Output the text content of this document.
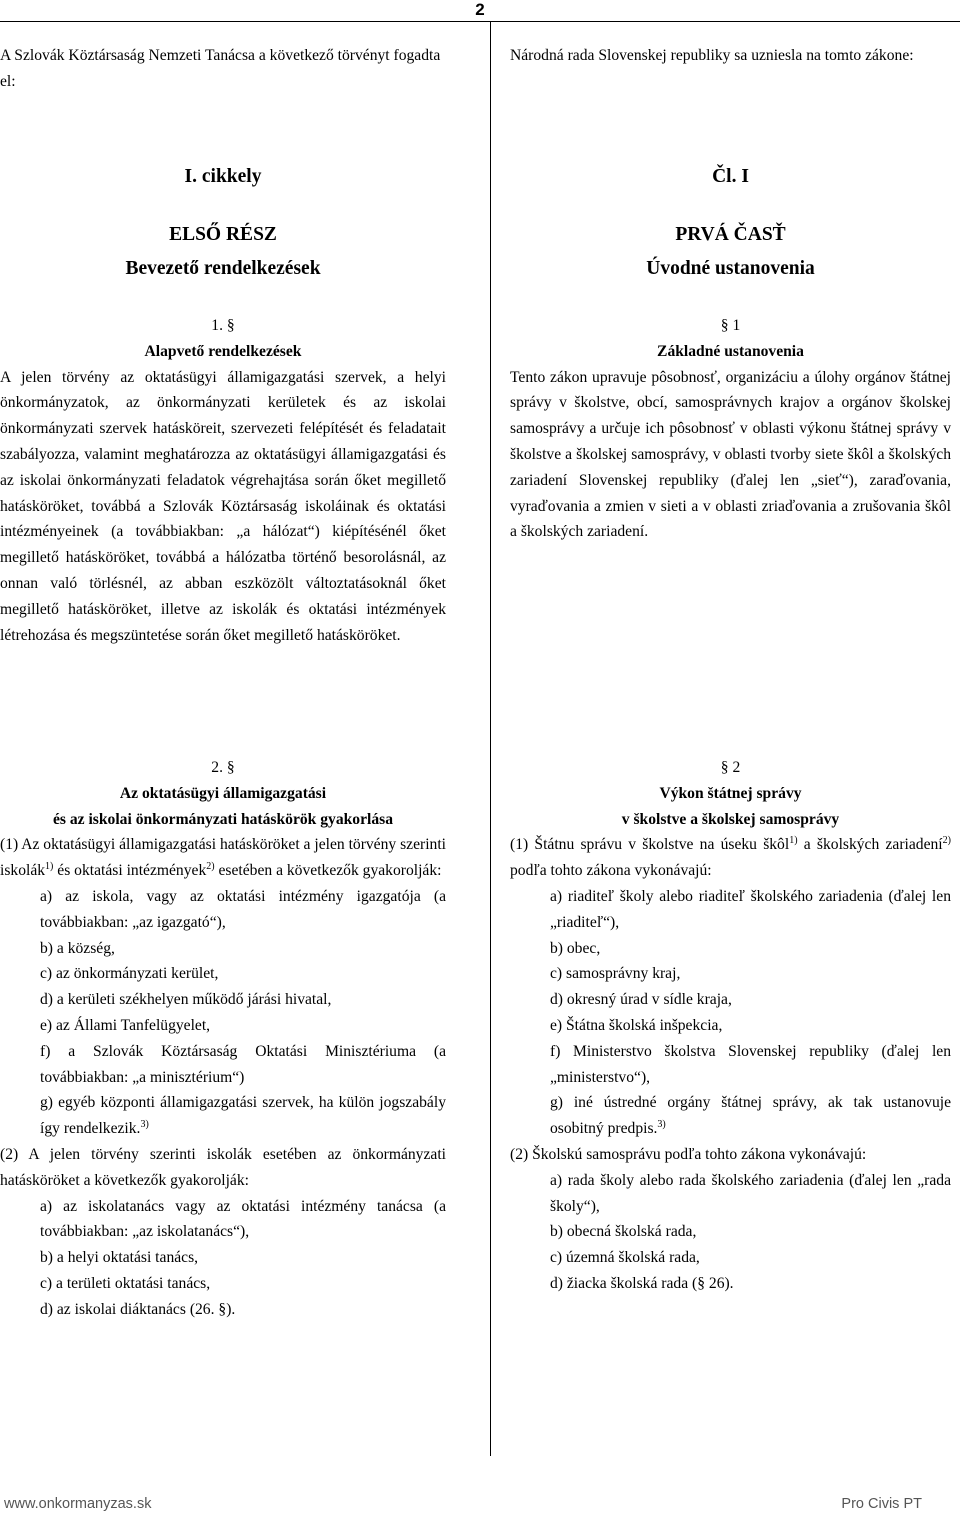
2
A Szlovák Köztársaság Nemzeti Tanácsa a következő törvényt fogadta el:
I. cikkely
ELSŐ RÉSZ
Bevezető rendelkezések
1. §
Alapvető rendelkezések
A jelen törvény az oktatásügyi államigazgatási szervek, a helyi önkormányzatok, az önkormányzati kerületek és az iskolai önkormányzati szervek hatásköreit, szervezeti felépítését és feladatait szabályozza, valamint meghatározza az oktatásügyi államigazgatási és az iskolai önkormányzati feladatok végrehajtása során őket megillető hatásköröket, továbbá a Szlovák Köztársaság iskoláinak és oktatási intézményeinek (a továbbiakban: „a hálózat“) kiépítésénél őket megillető hatásköröket, továbbá a hálózatba történő besorolásnál, az onnan való törlésnél, az abban eszközölt változtatásoknál őket megillető hatásköröket, illetve az iskolák és oktatási intézmények létrehozása és megszüntetése során őket megillető hatásköröket.
2. §
Az oktatásügyi államigazgatási
és az iskolai önkormányzati hatáskörök gyakorlása
(1) Az oktatásügyi államigazgatási hatásköröket a jelen törvény szerinti iskolák$^{1)}$ és oktatási intézmények$^{2)}$ esetében a következők gyakorolják:
a) az iskola, vagy az oktatási intézmény igazgatója (a továbbiakban: „az igazgató“),
b) a község,
c) az önkormányzati kerület,
d) a kerületi székhelyen működő járási hivatal,
e) az Állami Tanfelügyelet,
f) a Szlovák Köztársaság Oktatási Minisztériuma (a továbbiakban: „a minisztérium“)
g) egyéb központi államigazgatási szervek, ha külön jogszabály így rendelkezik.$^{3)}$
(2) A jelen törvény szerinti iskolák esetében az önkormányzati hatásköröket a következők gyakorolják:
a) az iskolatanács vagy az oktatási intézmény tanácsa (a továbbiakban: „az iskolatanács“),
b) a helyi oktatási tanács,
c) a területi oktatási tanács,
d) az iskolai diáktanács (26. §).
Národná rada Slovenskej republiky sa uzniesla na tomto zákone:
Čl. I
PRVÁ ČASŤ
Úvodné ustanovenia
§ 1
Základné ustanovenia
Tento zákon upravuje pôsobnosť, organizáciu a úlohy orgánov štátnej správy v školstve, obcí, samosprávnych krajov a orgánov školskej samosprávy a určuje ich pôsobnosť v oblasti výkonu štátnej správy v školstve a školskej samosprávy, v oblasti tvorby siete škôl a školských zariadení Slovenskej republiky (ďalej len „sieť“), zaraďovania, vyraďovania a zmien v sieti a v oblasti zriaďovania a zrušovania škôl a školských zariadení.
§ 2
Výkon štátnej správy
v školstve a školskej samosprávy
(1) Štátnu správu v školstve na úseku škôl$^{1)}$ a školských zariadení$^{2)}$ podľa tohto zákona vykonávajú:
a) riaditeľ školy alebo riaditeľ školského zariadenia (ďalej len „riaditeľ“),
b) obec,
c) samosprávny kraj,
d) okresný úrad v sídle kraja,
e) Štátna školská inšpekcia,
f) Ministerstvo školstva Slovenskej republiky (ďalej len „ministerstvo“),
g) iné ústredné orgány štátnej správy, ak tak ustanovuje osobitný predpis.$^{3)}$
(2) Školskú samosprávu podľa tohto zákona vykonávajú:
a) rada školy alebo rada školského zariadenia (ďalej len „rada školy“),
b) obecná školská rada,
c) územná školská rada,
d) žiacka školská rada (§ 26).
www.onkormanyzas.sk	Pro Civis PT
